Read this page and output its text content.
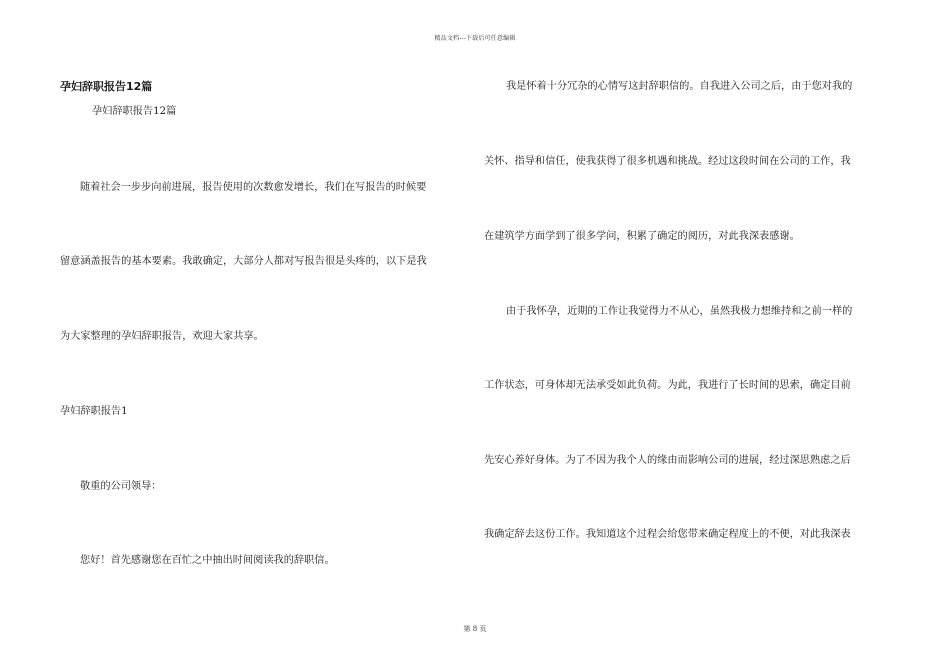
精品文档---下载后可任意编辑
孕妇辞职报告12篇
孕妇辞职报告12篇
随着社会一步步向前进展，报告使用的次数愈发增长，我们在写报告的时候要
留意涵盖报告的基本要素。我敢确定，大部分人都对写报告很是头疼的，以下是我
为大家整理的孕妇辞职报告，欢迎大家共享。
孕妇辞职报告1
敬重的公司领导：
您好！首先感谢您在百忙之中抽出时间阅读我的辞职信。
我是怀着十分冗杂的心情写这封辞职信的。自我进入公司之后，由于您对我的
关怀、指导和信任，使我获得了很多机遇和挑战。经过这段时间在公司的工作，我
在建筑学方面学到了很多学问，积累了确定的阅历，对此我深表感谢。
由于我怀孕，近期的工作让我觉得力不从心，虽然我极力想维持和之前一样的
工作状态，可身体却无法承受如此负荷。为此，我进行了长时间的思索，确定目前
先安心养好身体。为了不因为我个人的缘由而影响公司的进展，经过深思熟虑之后
我确定辞去这份工作。我知道这个过程会给您带来确定程度上的不便，对此我深表
第 8 页
